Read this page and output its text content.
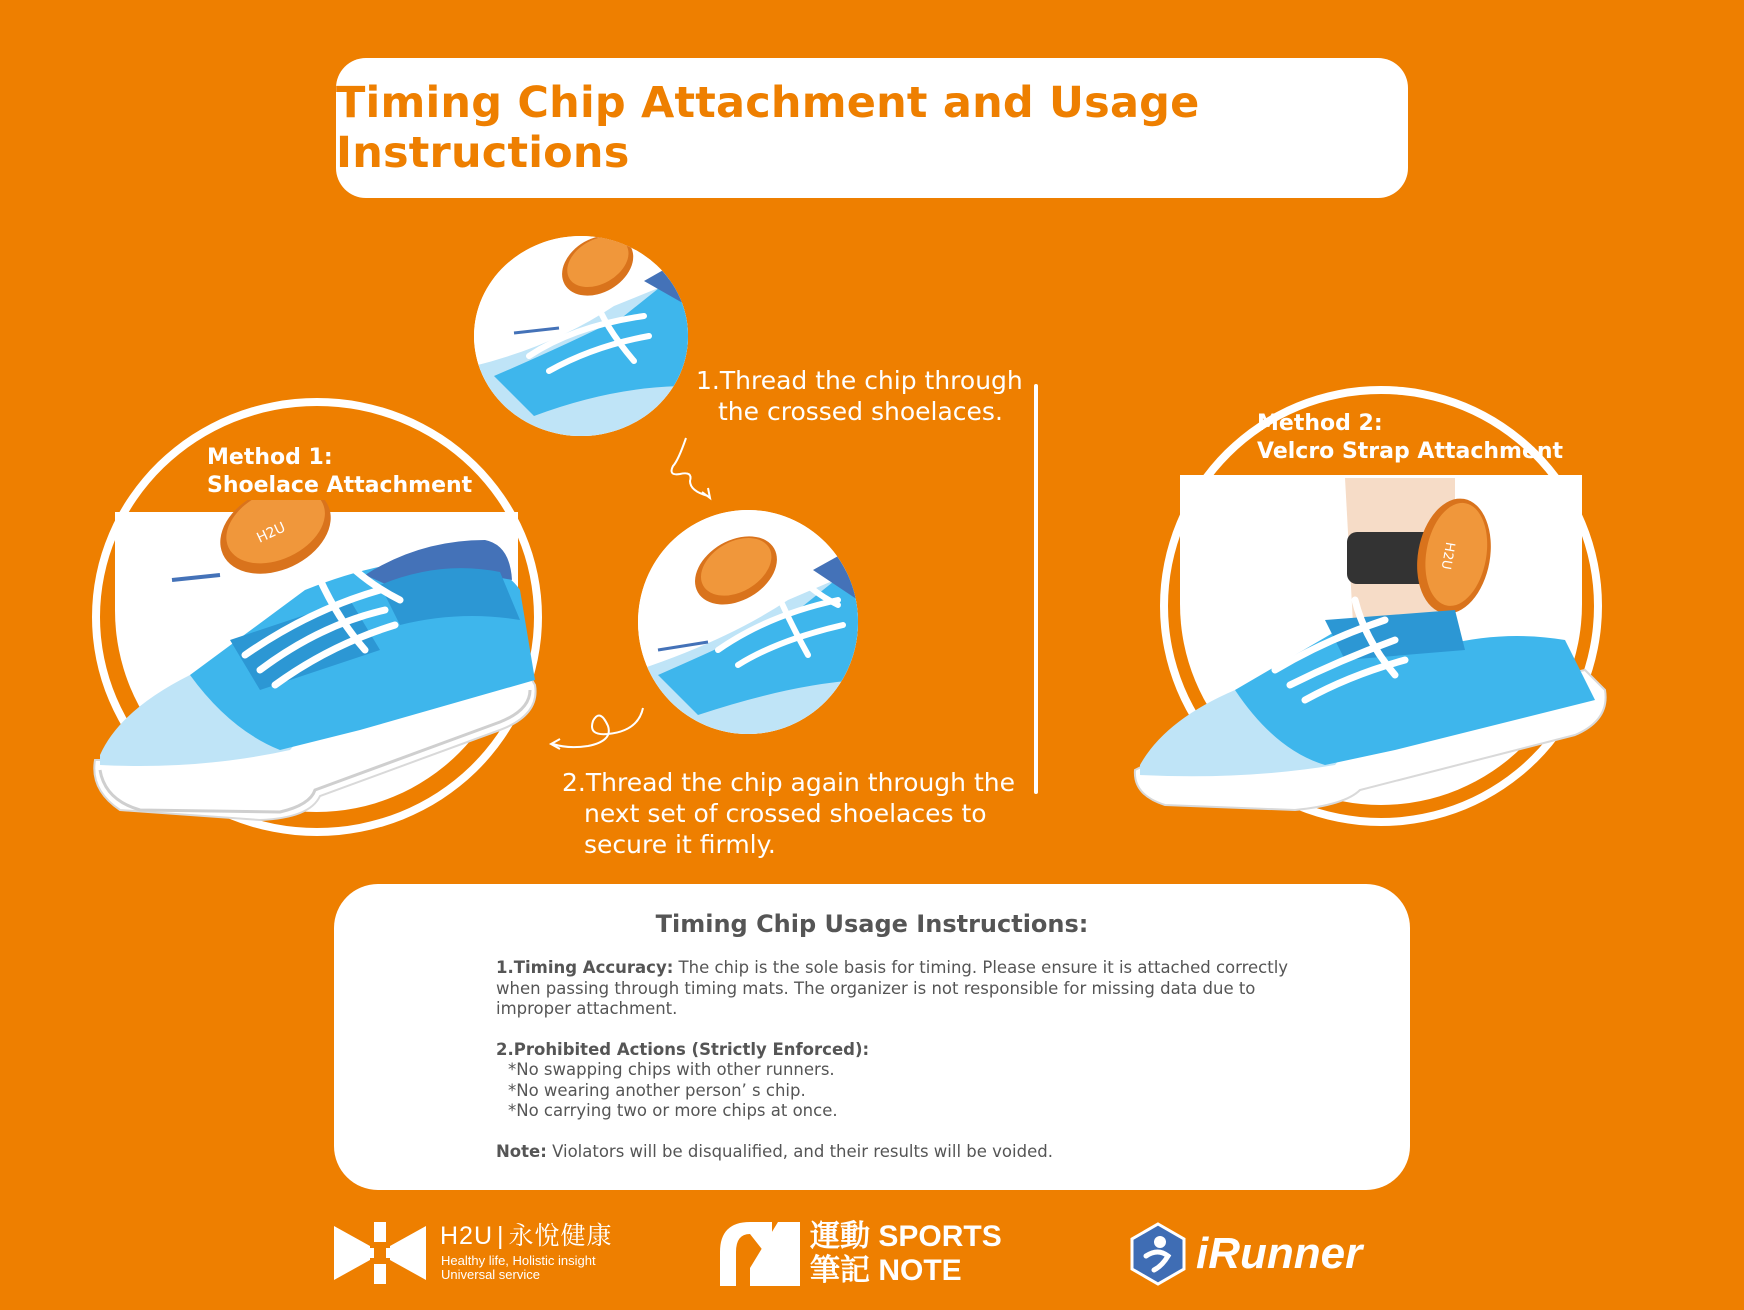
Timing Chip Attachment and Usage Instructions
H2U
Method 1:
Shoelace Attachment
1.Thread the chip through
the crossed shoelaces.
2.Thread the chip again through the
next set of crossed shoelaces to
secure it firmly.
H2U
Method 2:
Velcro Strap Attachment
Timing Chip Usage Instructions:

1.Timing Accuracy: The chip is the sole basis for timing. Please ensure it is attached correctly

when passing through timing mats. The organizer is not responsible for missing data due to

improper attachment.

2.Prohibited Actions (Strictly Enforced):

*No swapping chips with other runners.

*No wearing another person’ s chip.

*No carrying two or more chips at once.

Note: Violators will be disqualified, and their results will be voided.

H2U | 永悅健康
Healthy life, Holistic insight
Universal service
運動 SPORTS
筆記 NOTE	iRunner
